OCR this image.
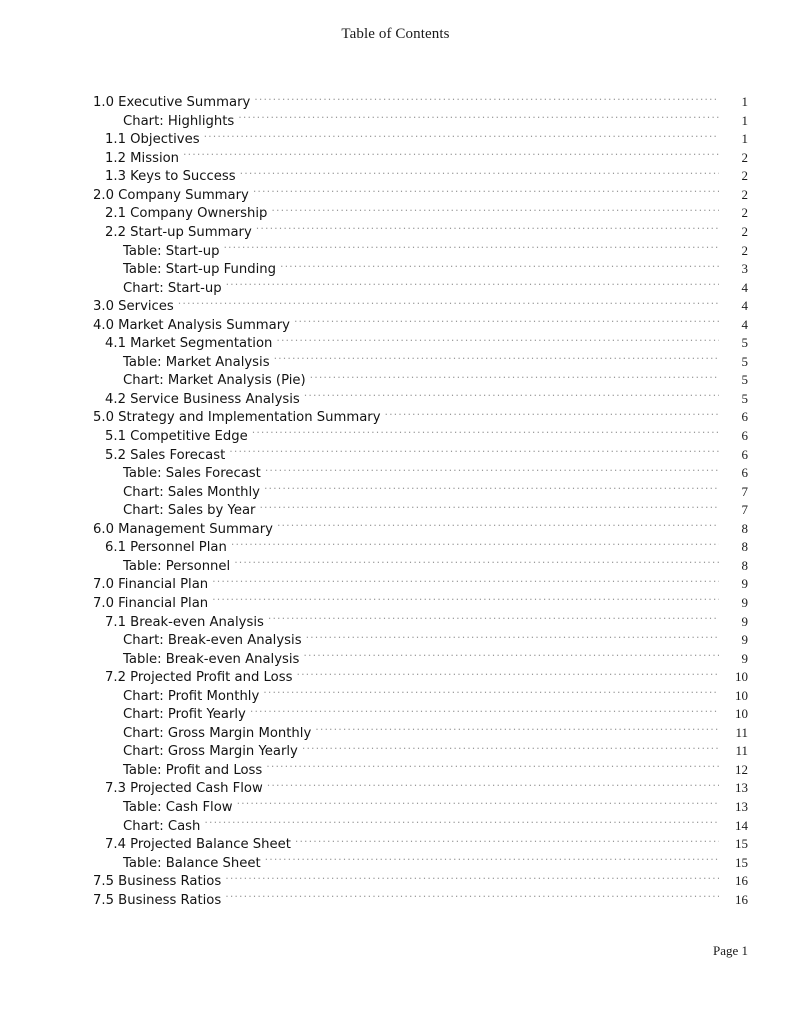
Table of Contents
1.0 Executive Summary . . .	1
Chart: Highlights . . .	1
1.1 Objectives . . .	1
1.2 Mission . . .	2
1.3 Keys to Success . . .	2
2.0 Company Summary . . .	2
2.1 Company Ownership . . .	2
2.2 Start-up Summary . . .	2
Table: Start-up . . .	2
Table: Start-up Funding . . .	3
Chart: Start-up . . .	4
3.0 Services . . .	4
4.0 Market Analysis Summary . . .	4
4.1 Market Segmentation . . .	5
Table: Market Analysis . . .	5
Chart: Market Analysis (Pie) . . .	5
4.2 Service Business Analysis . . .	5
5.0 Strategy and Implementation Summary . . .	6
5.1 Competitive Edge . . .	6
5.2 Sales Forecast . . .	6
Table: Sales Forecast . . .	6
Chart: Sales Monthly . . .	7
Chart: Sales by Year . . .	7
6.0 Management Summary . . .	8
6.1 Personnel Plan . . .	8
Table: Personnel . . .	8
7.0 Financial Plan . . .	9
7.0 Financial Plan . . .	9
7.1 Break-even Analysis . . .	9
Chart: Break-even Analysis . . .	9
Table: Break-even Analysis . . .	9
7.2 Projected Profit and Loss . . .	10
Chart: Profit Monthly . . .	10
Chart: Profit Yearly . . .	10
Chart: Gross Margin Monthly . . .	11
Chart: Gross Margin Yearly . . .	11
Table: Profit and Loss . . .	12
7.3 Projected Cash Flow . . .	13
Table: Cash Flow . . .	13
Chart: Cash . . .	14
7.4 Projected Balance Sheet . . .	15
Table: Balance Sheet . . .	15
7.5 Business Ratios . . .	16
7.5 Business Ratios . . .	16
Page 1
